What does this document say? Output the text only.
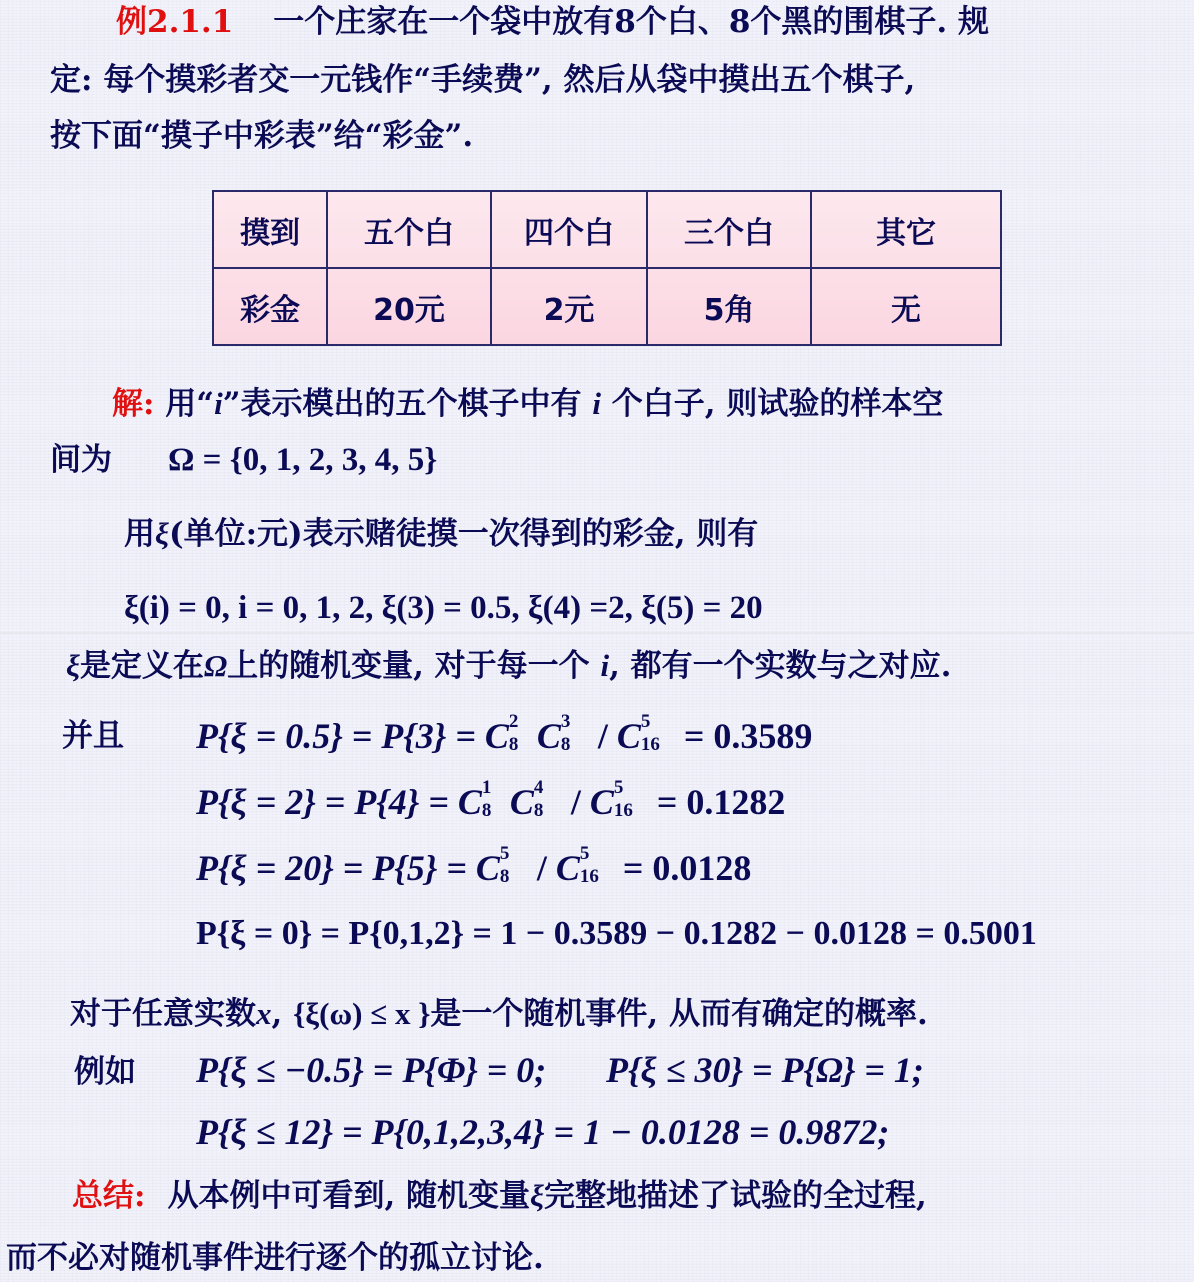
例2.1.1 一个庄家在一个袋中放有8个白、8个黑的围棋子. 规
定: 每个摸彩者交一元钱作“手续费”, 然后从袋中摸出五个棋子,
按下面“摸子中彩表”给“彩金”.
摸到	五个白	四个白	三个白	其它
彩金	20元	2元	5角	无
解: 用“i”表示模出的五个棋子中有 i 个白子, 则试验的样本空
间为 Ω = {0, 1, 2, 3, 4, 5}
用ξ(单位:元)表示赌徒摸一次得到的彩金, 则有
ξ(i) = 0, i = 0, 1, 2, ξ(3) = 0.5, ξ(4) =2, ξ(5) = 20
ξ是定义在Ω上的随机变量, 对于每一个 i, 都有一个实数与之对应.
并且 P{ξ = 0.5} = P{3} = C 2
8 C 3
8 / C 5
16 = 0.3589
P{ξ = 2} = P{4} = C 1
8 C 4
8 / C 5
16 = 0.1282
P{ξ = 20} = P{5} = C 5
8 / C 5
16 = 0.0128
P{ξ = 0} = P{0,1,2} = 1 − 0.3589 − 0.1282 − 0.0128 = 0.5001
对于任意实数x, {ξ(ω) ≤ x }是一个随机事件, 从而有确定的概率.
例如 P{ξ ≤ −0.5} = P{Φ} = 0; P{ξ ≤ 30} = P{Ω} = 1;
P{ξ ≤ 12} = P{0,1,2,3,4} = 1 − 0.0128 = 0.9872;
总结: 从本例中可看到, 随机变量ξ完整地描述了试验的全过程,
而不必对随机事件进行逐个的孤立讨论.
